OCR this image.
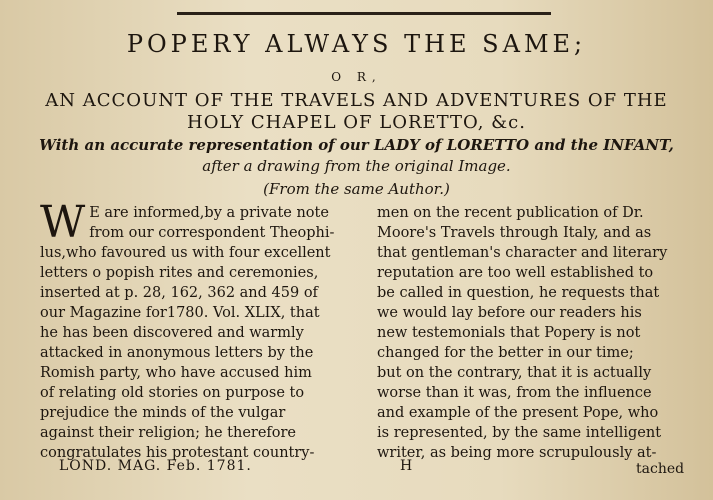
POPERY ALWAYS THE SAME;
O R,
AN ACCOUNT OF THE TRAVELS AND ADVENTURES OF THE
HOLY CHAPEL OF LORETTO, &c.
With an accurate representation of our LADY of LORETTO and the INFANT,
after a drawing from the original Image.
(From the same Author.)
W E are informed,by a private note
from our correspondent Theophi-
lus,who favoured us with four excellent
letters o popish rites and ceremonies,
inserted at p. 28, 162, 362 and 459 of
our Magazine for1780. Vol. XLIX, that
he has been discovered and warmly
attacked in anonymous letters by the
Romish party, who have accused him
of relating old stories on purpose to
prejudice the minds of the vulgar
against their religion; he therefore
congratulates his protestant country-
men on the recent publication of Dr.
Moore's Travels through Italy, and as
that gentleman's character and literary
reputation are too well established to
be called in question, he requests that
we would lay before our readers his
new testemonials that Popery is not
changed for the better in our time;
but on the contrary, that it is actually
worse than it was, from the influence
and example of the present Pope, who
is represented, by the same intelligent
writer, as being more scrupulously at-
LOND. MAG. Feb. 1781.	H	tached
